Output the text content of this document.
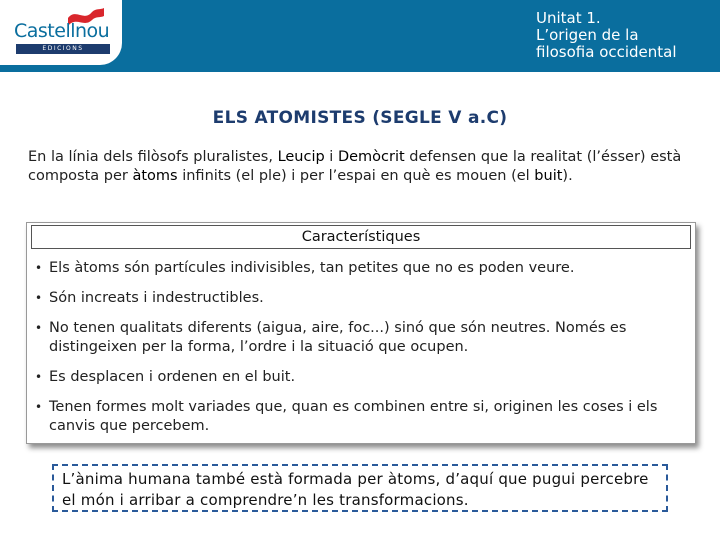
Castellnou
EDICIONS
Unitat 1.
L’origen de la
filosofia occidental
ELS ATOMISTES (SEGLE V a.C)
En la línia dels filòsofs pluralistes, Leucip i Demòcrit defensen que la realitat (l’ésser) està composta per àtoms infinits (el ple) i per l’espai en què es mouen (el buit).
Característiques
• Els àtoms són partícules indivisibles, tan petites que no es poden veure.
• Són increats i indestructibles.
• No tenen qualitats diferents (aigua, aire, foc...) sinó que són neutres. Només es distingeixen per la forma, l’ordre i la situació que ocupen.
• Es desplacen i ordenen en el buit.
• Tenen formes molt variades que, quan es combinen entre si, originen les coses i els canvis que percebem.
L’ànima humana també està formada per àtoms, d’aquí que pugui percebre el món i arribar a comprendre’n les transformacions.
